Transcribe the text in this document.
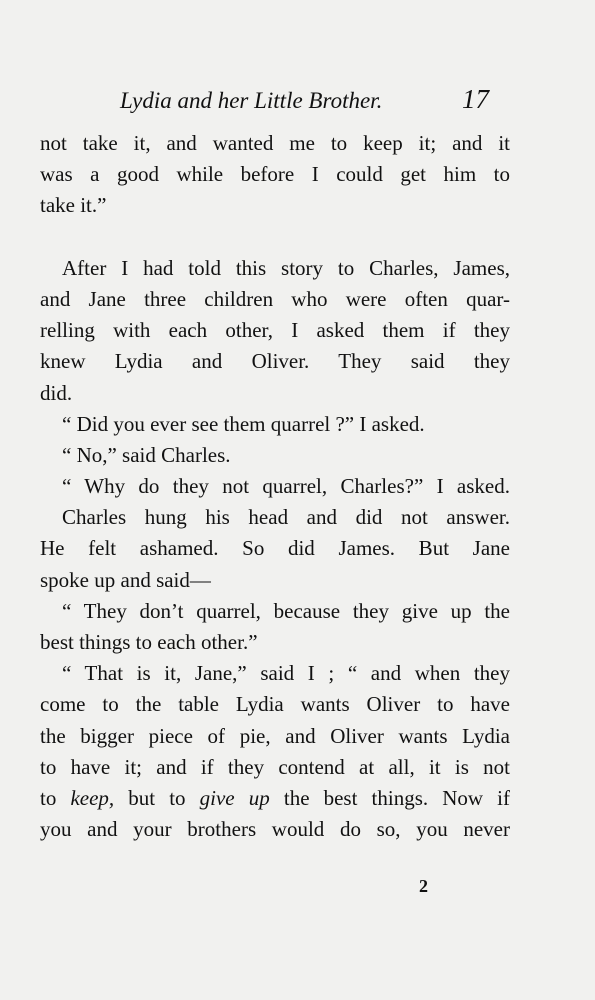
Lydia and her Little Brother.	17
not take it, and wanted me to keep it; and it
was a good while before I could get him to
take it.”
After I had told this story to Charles, James,
and Jane three children who were often quar-
relling with each other, I asked them if they
knew Lydia and Oliver. They said they
did.
“ Did you ever see them quarrel ?” I asked.
“ No,” said Charles.
“ Why do they not quarrel, Charles?” I asked.
Charles hung his head and did not answer.
He felt ashamed. So did James. But Jane
spoke up and said—
“ They don’t quarrel, because they give up the
best things to each other.”
“ That is it, Jane,” said I ; “ and when they
come to the table Lydia wants Oliver to have
the bigger piece of pie, and Oliver wants Lydia
to have it; and if they contend at all, it is not
to keep, but to give up the best things. Now if
you and your brothers would do so, you never
2
